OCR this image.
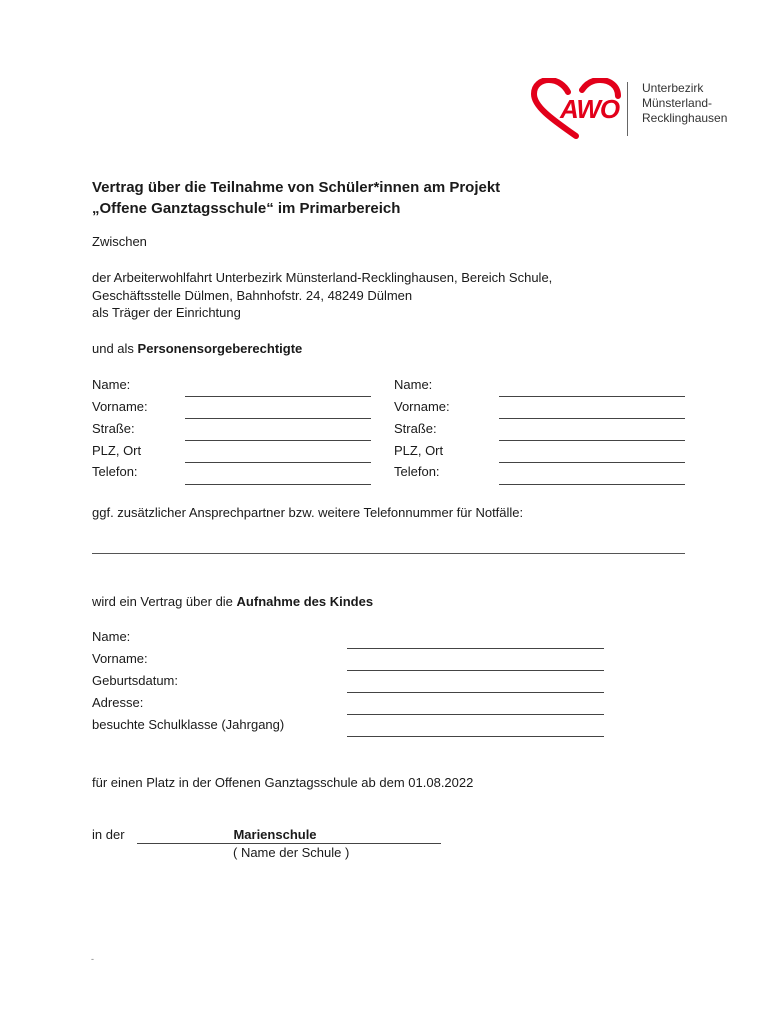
AWO
Unterbezirk
Münsterland-
Recklinghausen
Vertrag über die Teilnahme von Schüler*innen am Projekt
„Offene Ganztagsschule“ im Primarbereich
Zwischen
der Arbeiterwohlfahrt Unterbezirk Münsterland-Recklinghausen, Bereich Schule,
Geschäftsstelle Dülmen, Bahnhofstr. 24, 48249 Dülmen
als Träger der Einrichtung
und als Personensorgeberechtigte
Name:
Vorname:
Straße:
PLZ, Ort
Telefon:
Name:
Vorname:
Straße:
PLZ, Ort
Telefon:
ggf. zusätzlicher Ansprechpartner bzw. weitere Telefonnummer für Notfälle:
wird ein Vertrag über die Aufnahme des Kindes
Name:
Vorname:
Geburtsdatum:
Adresse:
besuchte Schulklasse (Jahrgang)
für einen Platz in der Offenen Ganztagsschule ab dem 01.08.2022
in der	Marienschule
( Name der Schule )
-
